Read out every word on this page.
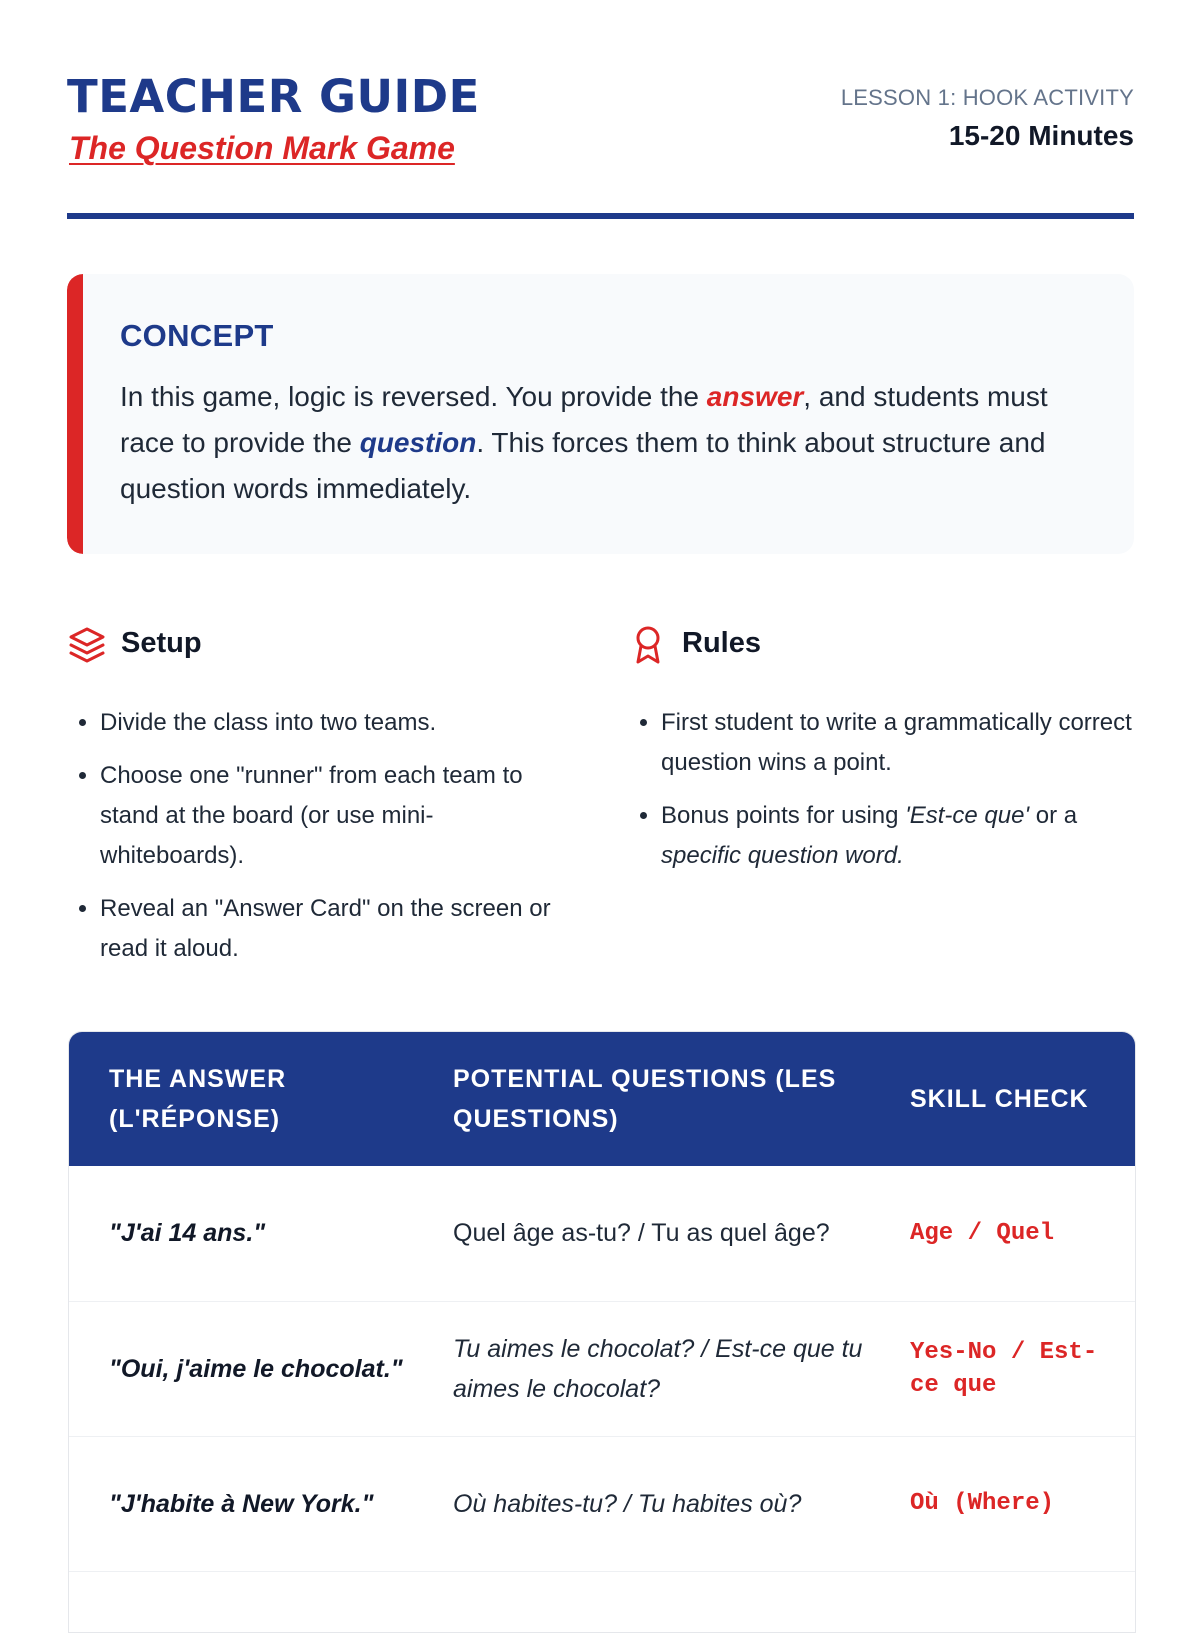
TEACHER GUIDE
The Question Mark Game
LESSON 1: HOOK ACTIVITY
15-20 Minutes
CONCEPT

In this game, logic is reversed. You provide the answer, and students must race to provide the question. This forces them to think about structure and question words immediately.

Setup
• Divide the class into two teams.
• Choose one "runner" from each team to stand at the board (or use mini-whiteboards).
• Reveal an "Answer Card" on the screen or read it aloud.
Rules
• First student to write a grammatically correct question wins a point.
• Bonus points for using 'Est-ce que' or a specific question word.
THE ANSWER (L'RÉPONSE)	POTENTIAL QUESTIONS (LES QUESTIONS)	SKILL CHECK
"J'ai 14 ans."	Quel âge as-tu? / Tu as quel âge?	Age / Quel
"Oui, j'aime le chocolat."	Tu aimes le chocolat? / Est-ce que tu aimes le chocolat?	Yes-No / Est-ce que
"J'habite à New York."	Où habites-tu? / Tu habites où?	Où (Where)
